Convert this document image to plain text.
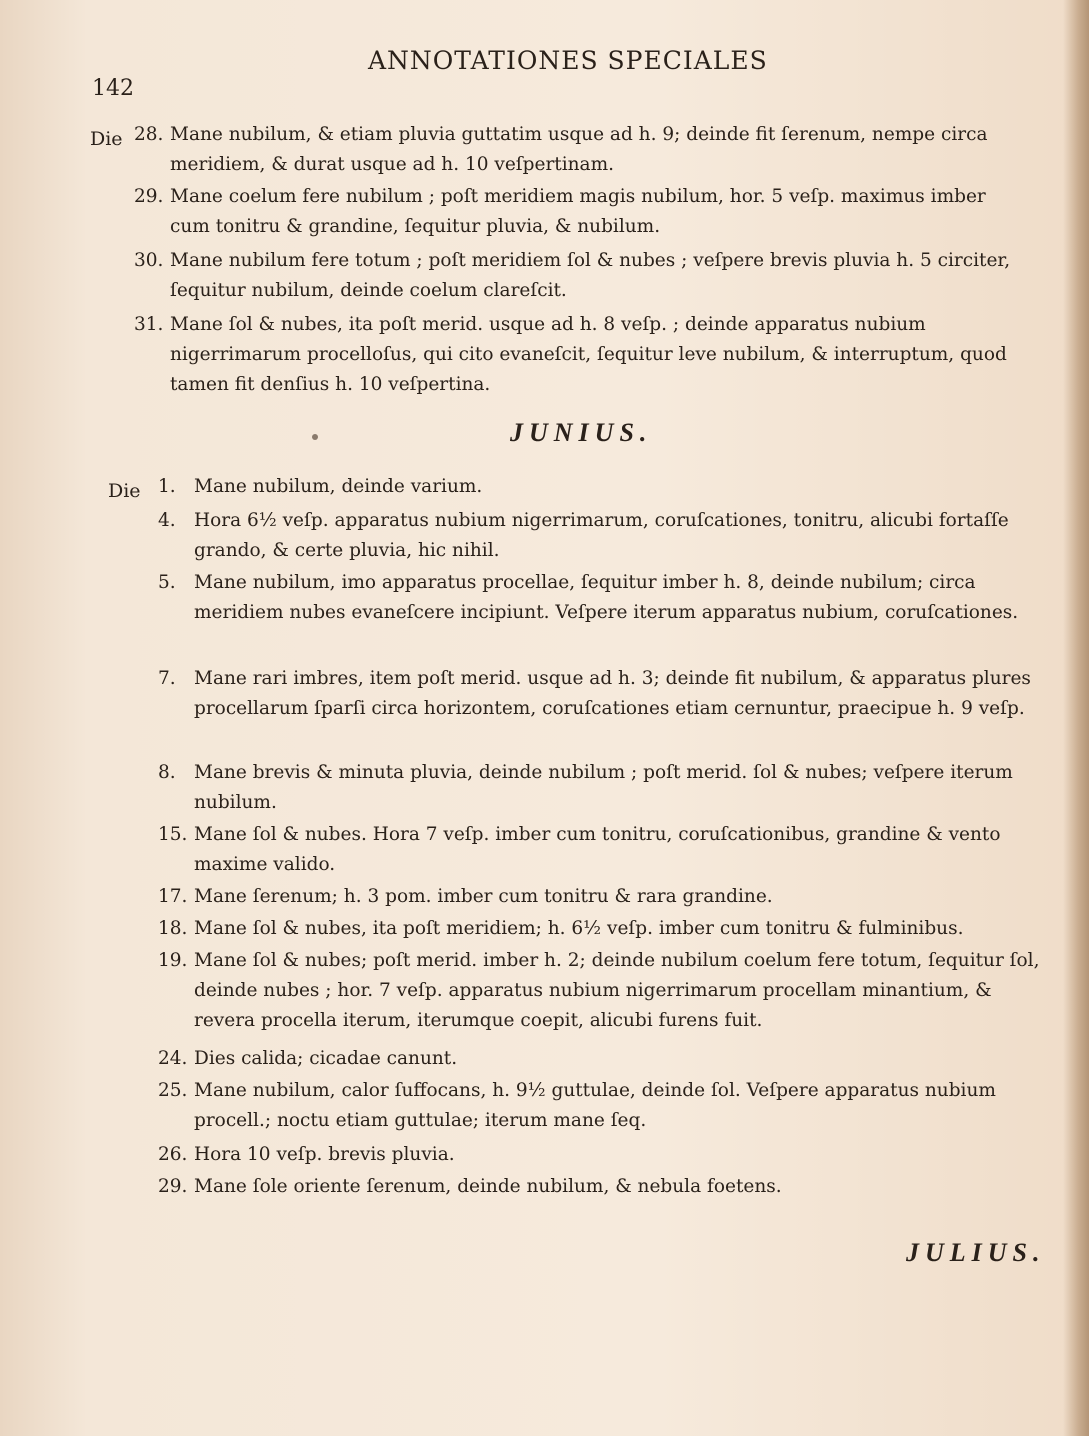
142
ANNOTATIONES SPECIALES
Die 28. Mane nubilum, & etiam pluvia guttatim usque ad h. 9; deinde fit ſerenum, nempe circa meridiem, & durat usque ad h. 10 veſpertinam.
29. Mane coelum fere nubilum ; poſt meridiem magis nubilum, hor. 5 veſp. maximus imber cum tonitru & grandine, ſequitur pluvia, & nubilum.
30. Mane nubilum fere totum ; poſt meridiem ſol & nubes ; veſpere brevis pluvia h. 5 circiter, ſequitur nubilum, deinde coelum clareſcit.
31. Mane ſol & nubes, ita poſt merid. usque ad h. 8 veſp. ; deinde apparatus nubium nigerrimarum procelloſus, qui cito evaneſcit, ſequitur leve nubilum, & interruptum, quod tamen fit denſius h. 10 veſpertina.
JUNIUS.
Die 1. Mane nubilum, deinde varium.
4. Hora 6½ veſp. apparatus nubium nigerrimarum, coruſcationes, tonitru, alicubi fortaſſe grando, & certe pluvia, hic nihil.
5. Mane nubilum, imo apparatus procellae, ſequitur imber h. 8, deinde nubilum; circa meridiem nubes evaneſcere incipiunt. Veſpere iterum apparatus nubium, coruſcationes.
7. Mane rari imbres, item poſt merid. usque ad h. 3; deinde fit nubilum, & apparatus plures procellarum ſparſi circa horizontem, coruſcationes etiam cernuntur, praecipue h. 9 veſp.
8. Mane brevis & minuta pluvia, deinde nubilum ; poſt merid. ſol & nubes; veſpere iterum nubilum.
15. Mane ſol & nubes. Hora 7 veſp. imber cum tonitru, coruſcationibus, grandine & vento maxime valido.
17. Mane ſerenum; h. 3 pom. imber cum tonitru & rara grandine.
18. Mane ſol & nubes, ita poſt meridiem; h. 6½ veſp. imber cum tonitru & fulminibus.
19. Mane ſol & nubes; poſt merid. imber h. 2; deinde nubilum coelum fere totum, ſequitur ſol, deinde nubes ; hor. 7 veſp. apparatus nubium nigerrimarum procellam minantium, & revera procella iterum, iterumque coepit, alicubi furens fuit.
24. Dies calida; cicadae canunt.
25. Mane nubilum, calor ſuffocans, h. 9½ guttulae, deinde ſol. Veſpere apparatus nubium procell.; noctu etiam guttulae; iterum mane ſeq.
26. Hora 10 veſp. brevis pluvia.
29. Mane ſole oriente ſerenum, deinde nubilum, & nebula foetens.
JULIUS.
